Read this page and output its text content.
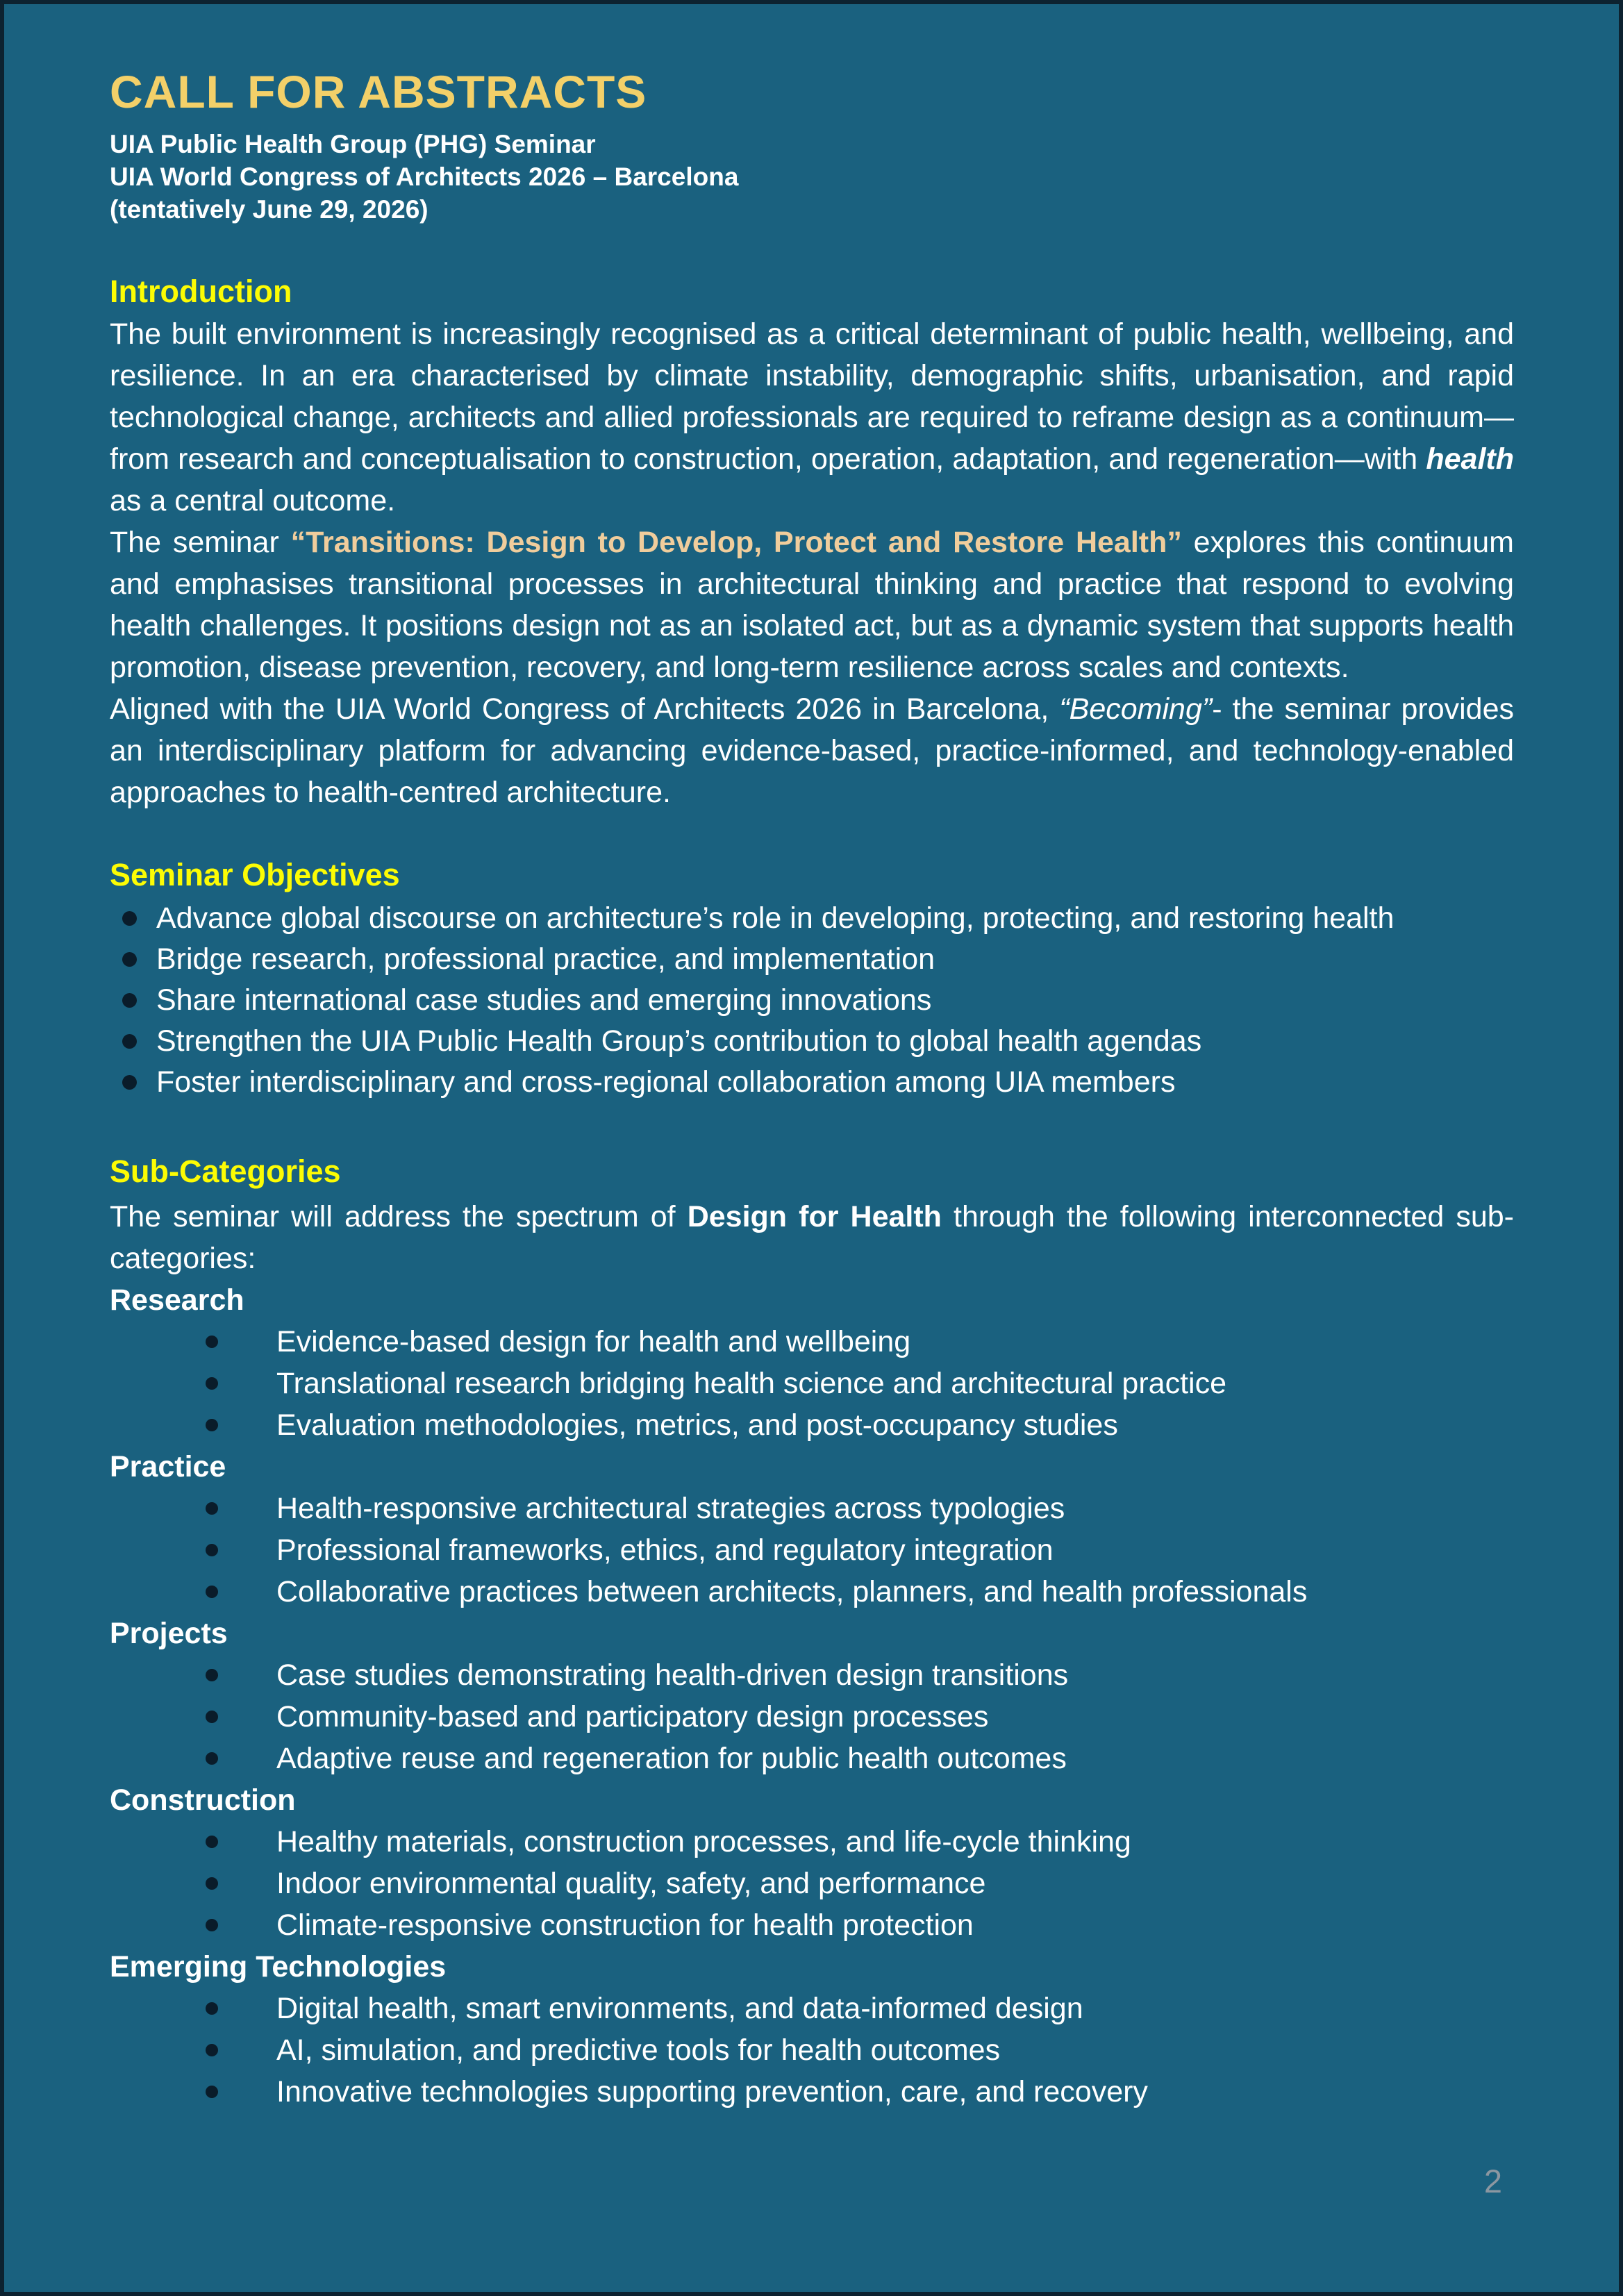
CALL FOR ABSTRACTS
UIA Public Health Group (PHG) Seminar
UIA World Congress of Architects 2026 – Barcelona
(tentatively June 29, 2026)
Introduction

The built environment is increasingly recognised as a critical determinant of public health, wellbeing, and resilience. In an era characterised by climate instability, demographic shifts, urbanisation, and rapid technological change, architects and allied professionals are required to reframe design as a continuum—from research and conceptualisation to construction, operation, adaptation, and regeneration—with health as a central outcome.

The seminar “Transitions: Design to Develop, Protect and Restore Health” explores this continuum and emphasises transitional processes in architectural thinking and practice that respond to evolving health challenges. It positions design not as an isolated act, but as a dynamic system that supports health promotion, disease prevention, recovery, and long-term resilience across scales and contexts.

Aligned with the UIA World Congress of Architects 2026 in Barcelona, “Becoming”- the seminar provides an interdisciplinary platform for advancing evidence-based, practice-informed, and technology-enabled approaches to health-centred architecture.

Seminar Objectives
Advance global discourse on architecture’s role in developing, protecting, and restoring health
Bridge research, professional practice, and implementation
Share international case studies and emerging innovations
Strengthen the UIA Public Health Group’s contribution to global health agendas
Foster interdisciplinary and cross-regional collaboration among UIA members
Sub-Categories

The seminar will address the spectrum of Design for Health through the following interconnected sub-categories:

Research
Evidence-based design for health and wellbeing
Translational research bridging health science and architectural practice
Evaluation methodologies, metrics, and post-occupancy studies
Practice
Health-responsive architectural strategies across typologies
Professional frameworks, ethics, and regulatory integration
Collaborative practices between architects, planners, and health professionals
Projects
Case studies demonstrating health-driven design transitions
Community-based and participatory design processes
Adaptive reuse and regeneration for public health outcomes
Construction
Healthy materials, construction processes, and life-cycle thinking
Indoor environmental quality, safety, and performance
Climate-responsive construction for health protection
Emerging Technologies
Digital health, smart environments, and data-informed design
AI, simulation, and predictive tools for health outcomes
Innovative technologies supporting prevention, care, and recovery
2
